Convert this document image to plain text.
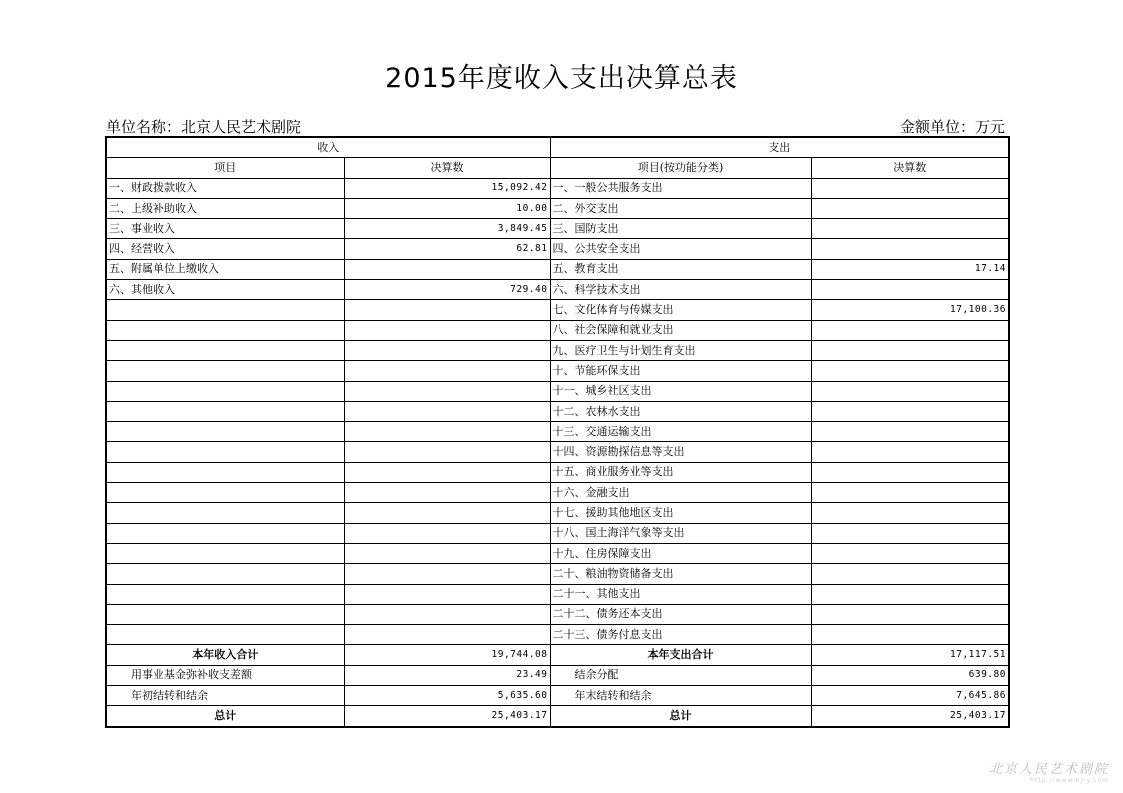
2015年度收入支出决算总表
单位名称：北京人民艺术剧院	金额单位：万元
收入		支出	
项目	决算数	项目(按功能分类)	决算数
一、财政拨款收入	15,092.42	一、一般公共服务支出	
二、上级补助收入	10.00	二、外交支出	
三、事业收入	3,849.45	三、国防支出	
四、经营收入	62.81	四、公共安全支出	
五、附属单位上缴收入		五、教育支出	17.14
六、其他收入	729.40	六、科学技术支出	
		七、文化体育与传媒支出	17,100.36
		八、社会保障和就业支出	
		九、医疗卫生与计划生育支出	
		十、节能环保支出	
		十一、城乡社区支出	
		十二、农林水支出	
		十三、交通运输支出	
		十四、资源勘探信息等支出	
		十五、商业服务业等支出	
		十六、金融支出	
		十七、援助其他地区支出	
		十八、国土海洋气象等支出	
		十九、住房保障支出	
		二十、粮油物资储备支出	
		二十一、其他支出	
		二十二、债务还本支出	
		二十三、债务付息支出	
本年收入合计	19,744.08	本年支出合计	17,117.51
用事业基金弥补收支差额	23.49	结余分配	639.80
年初结转和结余	5,635.60	年末结转和结余	7,645.86
总计	25,403.17	总计	25,403.17
北京人民艺术剧院
http://www.bjry.com
